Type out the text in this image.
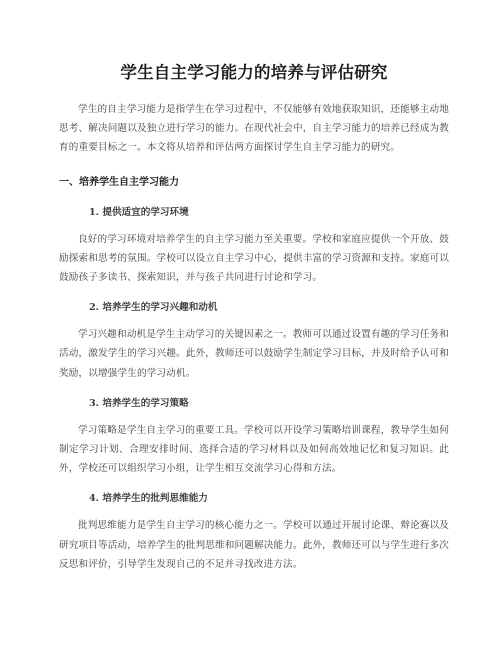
学生自主学习能力的培养与评估研究

学生的自主学习能力是指学生在学习过程中，不仅能够有效地获取知识，还能够主动地思考、解决问题以及独立进行学习的能力。在现代社会中，自主学习能力的培养已经成为教育的重要目标之一。本文将从培养和评估两方面探讨学生自主学习能力的研究。

一、培养学生自主学习能力
1. 提供适宜的学习环境

良好的学习环境对培养学生的自主学习能力至关重要。学校和家庭应提供一个开放、鼓励探索和思考的氛围。学校可以设立自主学习中心，提供丰富的学习资源和支持。家庭可以鼓励孩子多读书、探索知识，并与孩子共同进行讨论和学习。

2. 培养学生的学习兴趣和动机

学习兴趣和动机是学生主动学习的关键因素之一。教师可以通过设置有趣的学习任务和活动，激发学生的学习兴趣。此外，教师还可以鼓励学生制定学习目标，并及时给予认可和奖励，以增强学生的学习动机。

3. 培养学生的学习策略

学习策略是学生自主学习的重要工具。学校可以开设学习策略培训课程，教导学生如何制定学习计划、合理安排时间、选择合适的学习材料以及如何高效地记忆和复习知识。此外，学校还可以组织学习小组，让学生相互交流学习心得和方法。

4. 培养学生的批判思维能力

批判思维能力是学生自主学习的核心能力之一。学校可以通过开展讨论课、辩论赛以及研究项目等活动，培养学生的批判思维和问题解决能力。此外，教师还可以与学生进行多次反思和评价，引导学生发现自己的不足并寻找改进方法。
